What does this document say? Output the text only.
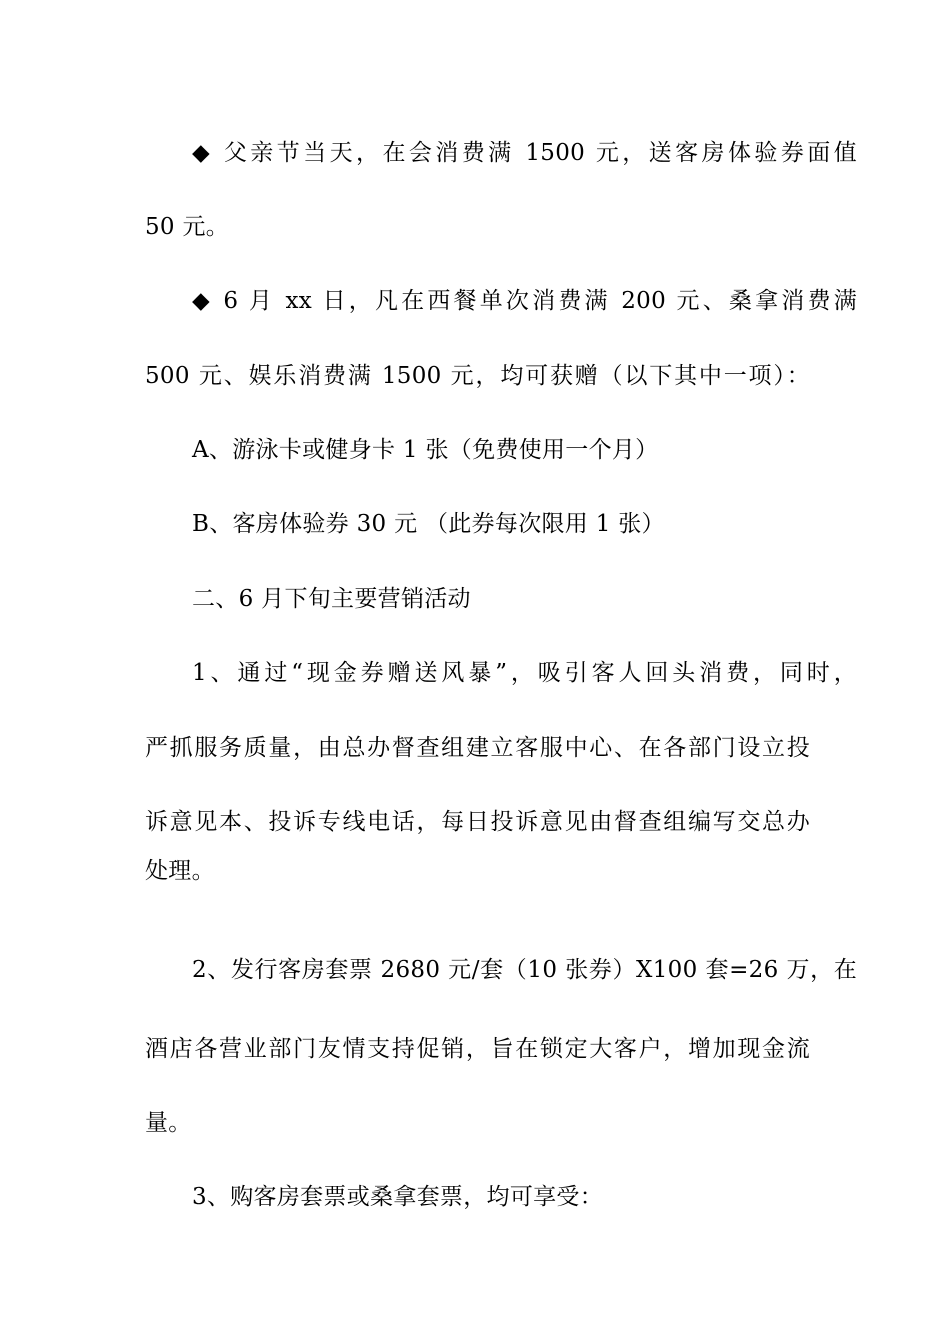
◆ 父亲节当天，在会消费满 1500 元，送客房体验券面值
50 元。
◆ 6 月 xx 日，凡在西餐单次消费满 200 元、桑拿消费满
500 元、娱乐消费满 1500 元，均可获赠（以下其中一项）：
A、游泳卡或健身卡 1 张（免费使用一个月）
B、客房体验券 30 元 （此券每次限用 1 张）
二、6 月下旬主要营销活动
1、通过“现金券赠送风暴”，吸引客人回头消费，同时，
严抓服务质量，由总办督查组建立客服中心、在各部门设立投
诉意见本、投诉专线电话，每日投诉意见由督查组编写交总办
处理。
2、发行客房套票 2680 元/套（10 张券）X100 套=26 万，在
酒店各营业部门友情支持促销，旨在锁定大客户，增加现金流
量。
3、购客房套票或桑拿套票，均可享受：
